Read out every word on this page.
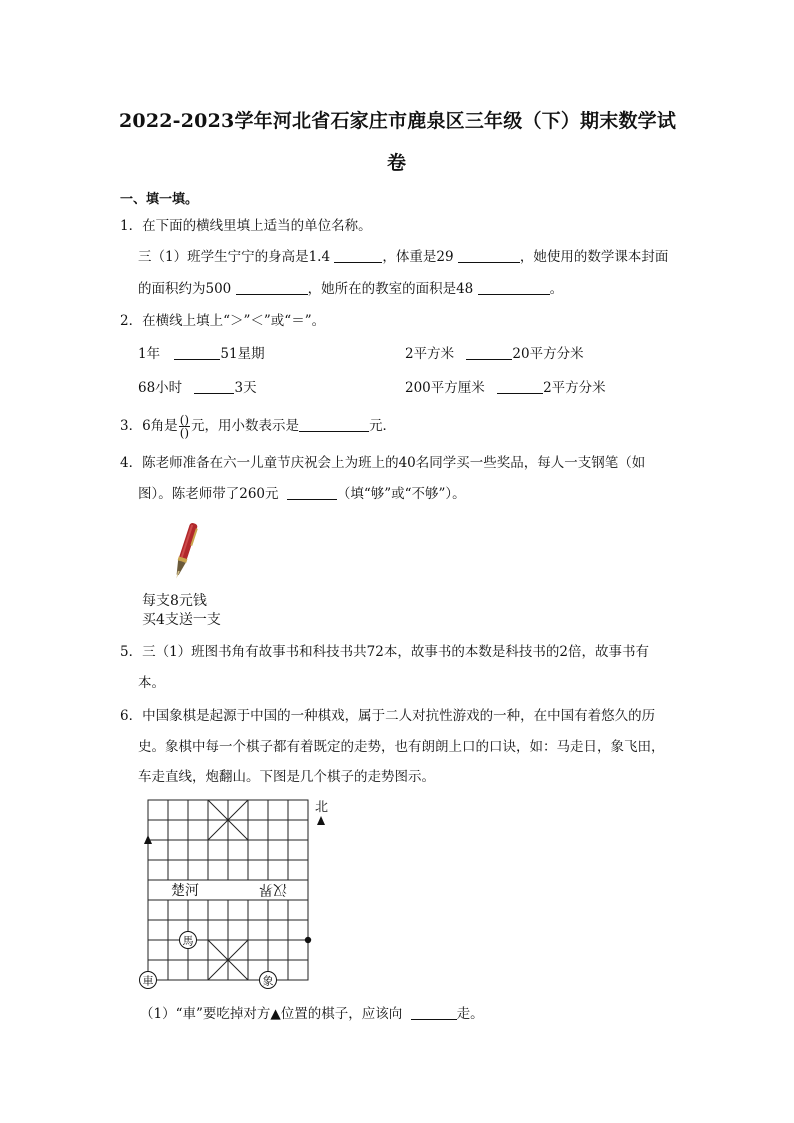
2022-2023学年河北省石家庄市鹿泉区三年级（下）期末数学试
卷
一、填一填。
1．在下面的横线里填上适当的单位名称。
三（1）班学生宁宁的身高是1.4	，体重是29	，她使用的数学课本封面
的面积约为500	，她所在的教室的面积是48	。
2．在横线上填上“＞”＜”或“＝”。
1年	51星期	2平方米	20平方分米
68小时	3天	200平方厘米	2平方分米
3．6角是 $\frac{()}{()}$ 元，用小数表示是	元．
4．陈老师准备在六一儿童节庆祝会上为班上的40名同学买一些奖品，每人一支钢笔（如
图）。陈老师带了260元	（填“够”或“不够”）。
每支8元钱
买4支送一支
5．三（1）班图书角有故事书和科技书共72本，故事书的本数是科技书的2倍，故事书有
本。
6．中国象棋是起源于中国的一种棋戏，属于二人对抗性游戏的一种，在中国有着悠久的历
史。象棋中每一个棋子都有着既定的走势，也有朗朗上口的口诀，如：马走日，象飞田，
车走直线，炮翻山。下图是几个棋子的走势图示。
楚河	汉界
北
馬
車	象
（1）“車”要吃掉对方▲位置的棋子，应该向	走。
